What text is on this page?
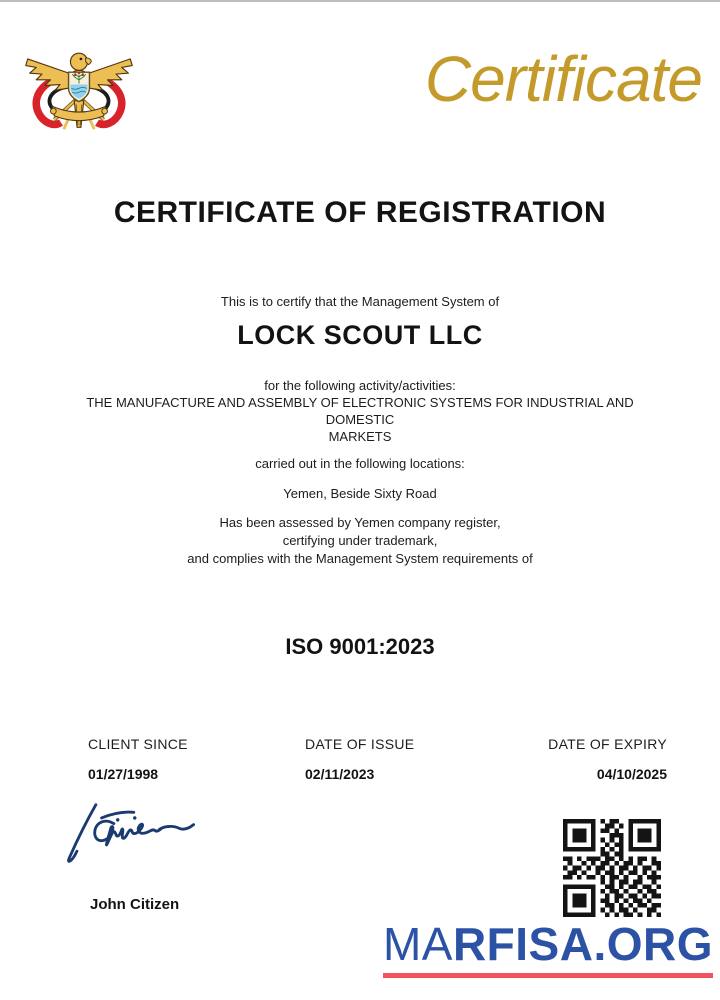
Certificate
CERTIFICATE OF REGISTRATION

This is to certify that the Management System of

LOCK SCOUT LLC

for the following activity/activities:

THE MANUFACTURE AND ASSEMBLY OF ELECTRONIC SYSTEMS FOR INDUSTRIAL AND
DOMESTIC
MARKETS

carried out in the following locations:

Yemen, Beside Sixty Road

Has been assessed by Yemen company register,
certifying under trademark,
and complies with the Management System requirements of
ISO 9001:2023
CLIENT SINCE
01/27/1998
DATE OF ISSUE
02/11/2023
DATE OF EXPIRY
04/10/2025
John Citizen
MARFISA.ORG
